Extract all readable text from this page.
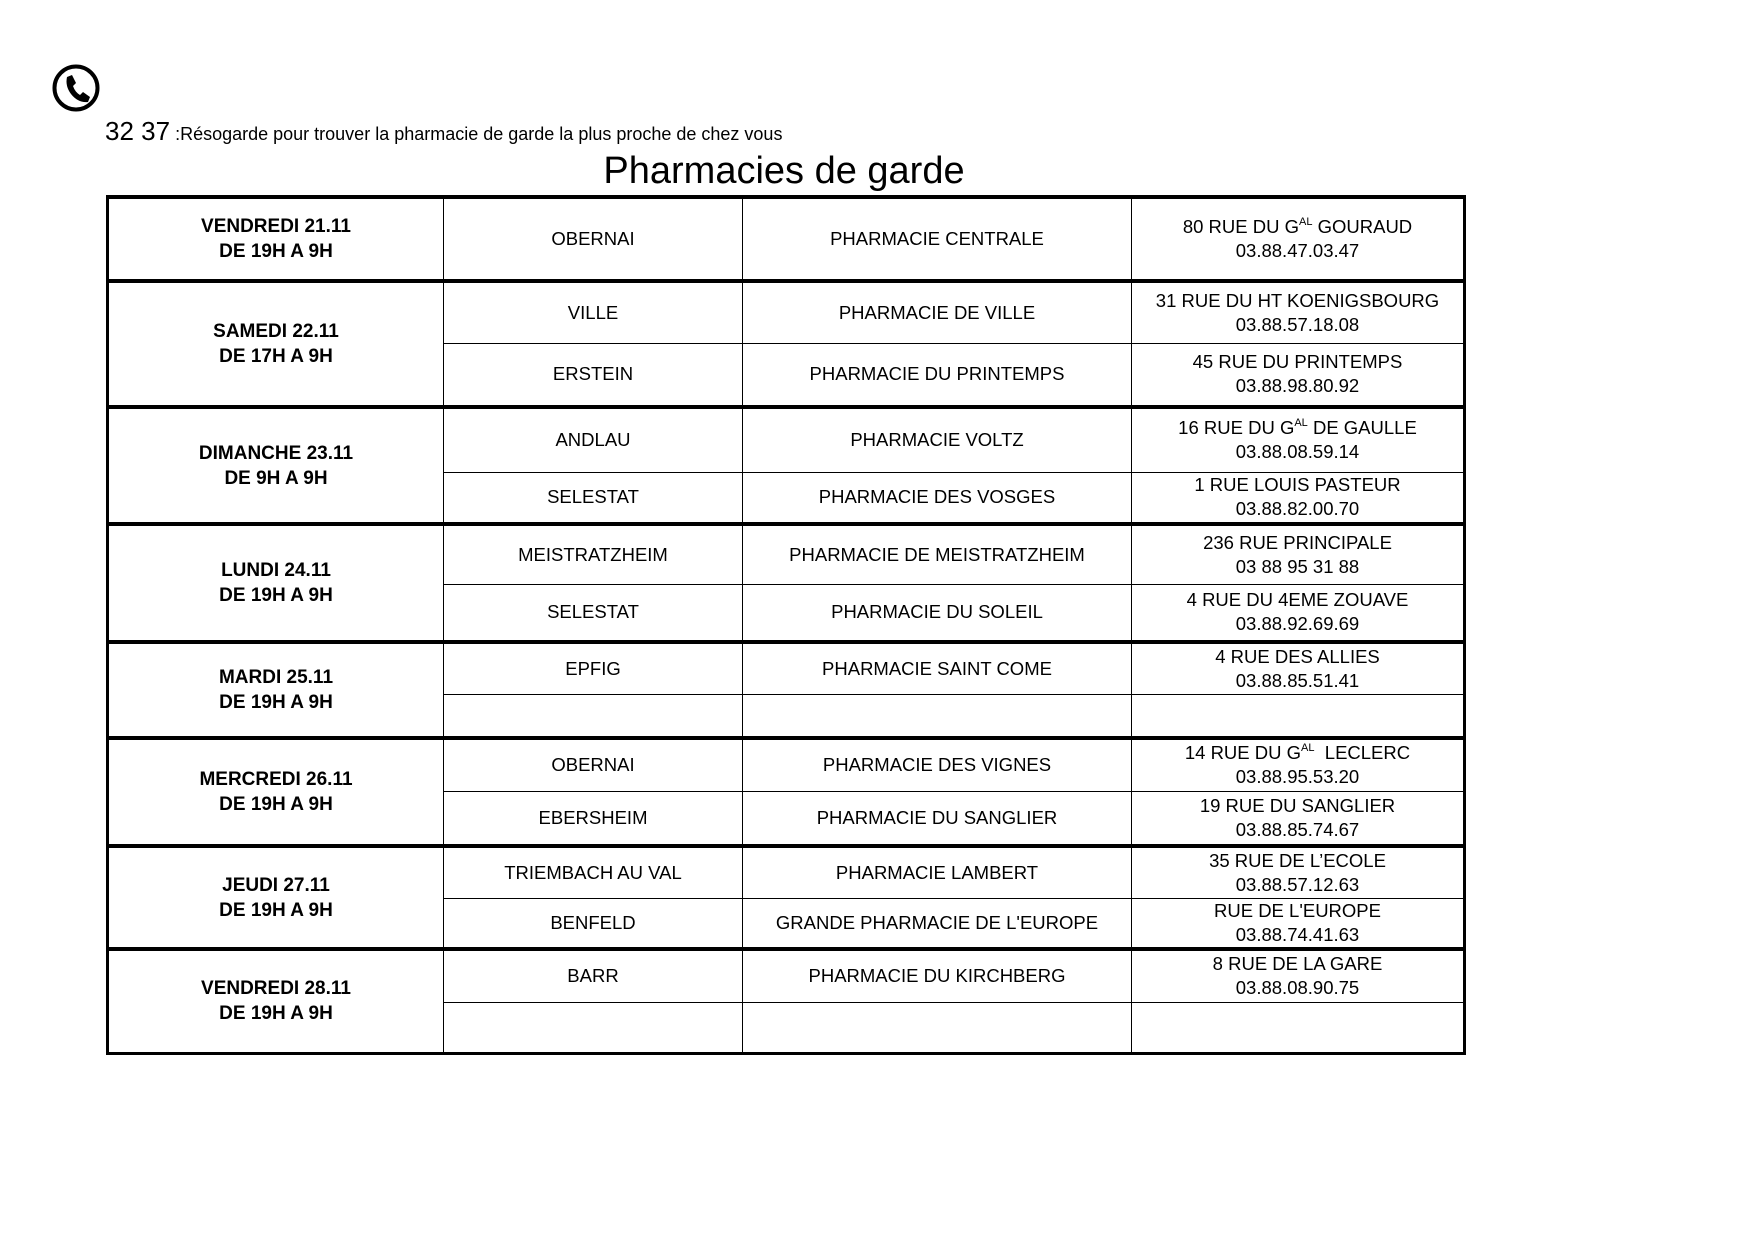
32 37 :Résogarde pour trouver la pharmacie de garde la plus proche de chez vous
Pharmacies de garde
VENDREDI 21.11
DE 19H A 9H	OBERNAI	PHARMACIE CENTRALE	80 RUE DU $G^{AL}$ GOURAUD
03.88.47.03.47
SAMEDI 22.11
DE 17H A 9H	VILLE	PHARMACIE DE VILLE	31 RUE DU HT KOENIGSBOURG
03.88.57.18.08
	ERSTEIN	PHARMACIE DU PRINTEMPS	45 RUE DU PRINTEMPS
03.88.98.80.92
DIMANCHE 23.11
DE 9H A 9H	ANDLAU	PHARMACIE VOLTZ	16 RUE DU $G^{AL}$ DE GAULLE
03.88.08.59.14
	SELESTAT	PHARMACIE DES VOSGES	1 RUE LOUIS PASTEUR
03.88.82.00.70
LUNDI 24.11
DE 19H A 9H	MEISTRATZHEIM	PHARMACIE DE MEISTRATZHEIM	236 RUE PRINCIPALE
03 88 95 31 88
	SELESTAT	PHARMACIE DU SOLEIL	4 RUE DU 4EME ZOUAVE
03.88.92.69.69
MARDI 25.11
DE 19H A 9H	EPFIG	PHARMACIE SAINT COME	4 RUE DES ALLIES
03.88.85.51.41

MERCREDI 26.11
DE 19H A 9H	OBERNAI	PHARMACIE DES VIGNES	14 RUE DU $G^{AL}$  LECLERC
03.88.95.53.20
	EBERSHEIM	PHARMACIE DU SANGLIER	19 RUE DU SANGLIER
03.88.85.74.67
JEUDI 27.11
DE 19H A 9H	TRIEMBACH AU VAL	PHARMACIE LAMBERT	35 RUE DE L’ECOLE
03.88.57.12.63
	BENFELD	GRANDE PHARMACIE DE L'EUROPE	RUE DE L'EUROPE
03.88.74.41.63
VENDREDI 28.11
DE 19H A 9H	BARR	PHARMACIE DU KIRCHBERG	8 RUE DE LA GARE
03.88.08.90.75
